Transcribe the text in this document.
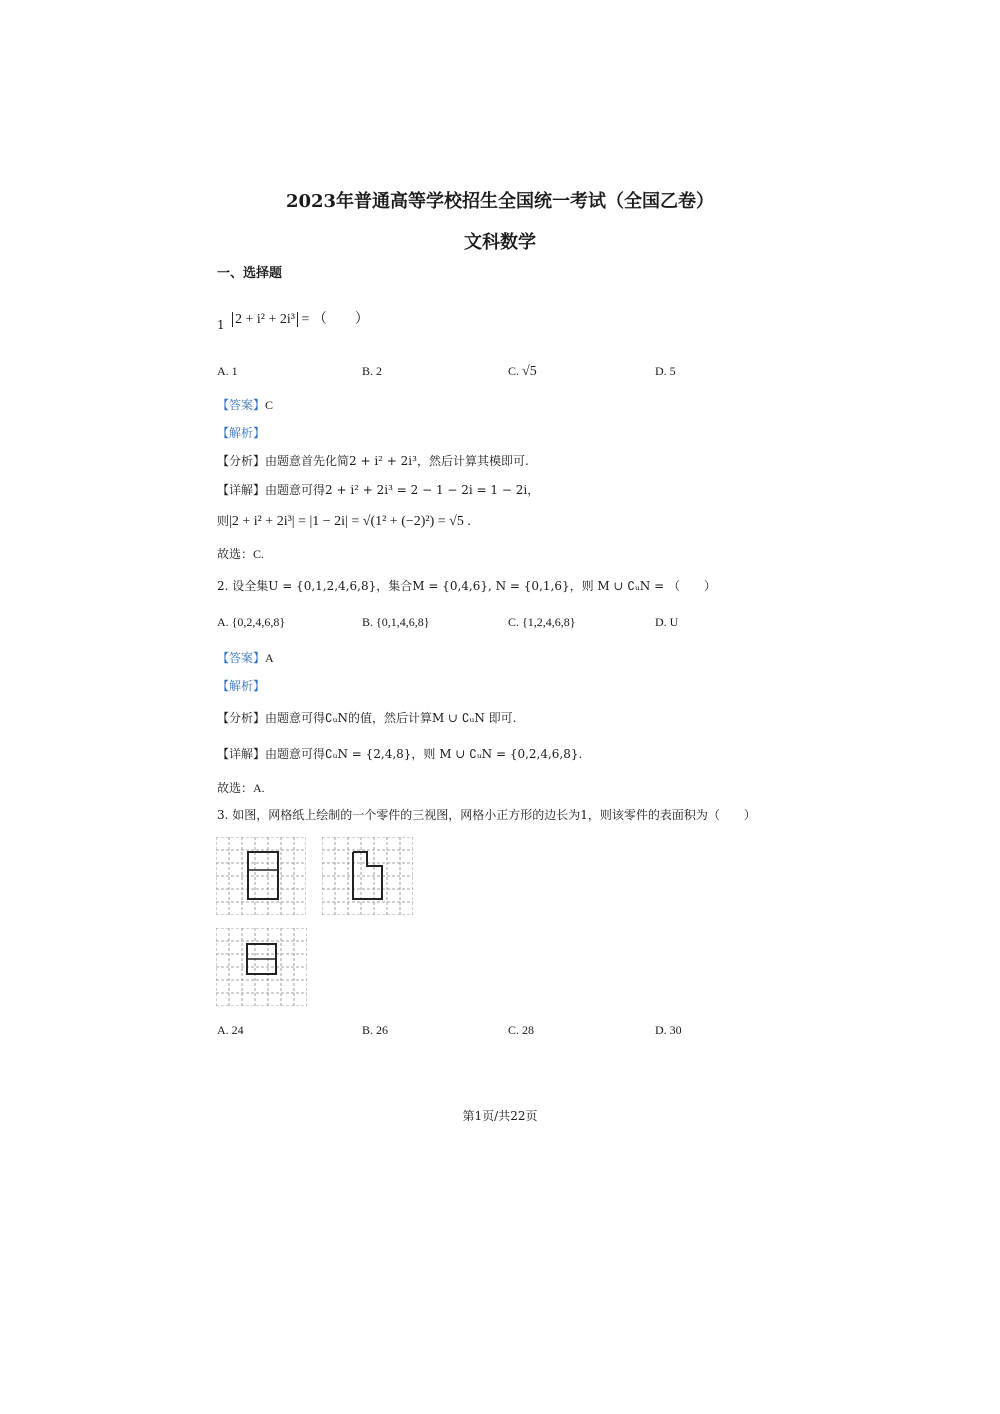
2023年普通高等学校招生全国统一考试（全国乙卷）
文科数学
一、选择题
1 2 + i² + 2i³ = （　　）
A. 1	B. 2	C. √5	D. 5
【答案】C
【解析】
【分析】由题意首先化简2 + i² + 2i³，然后计算其模即可.
【详解】由题意可得2 + i² + 2i³ = 2 − 1 − 2i = 1 − 2i，
则|2 + i² + 2i³| = |1 − 2i| = √(1² + (−2)²) = √5 .
故选：C.
2. 设全集U = {0,1,2,4,6,8}，集合M = {0,4,6}, N = {0,1,6}，则 M ∪ ∁ᵤN = （　　）
A. {0,2,4,6,8}	B. {0,1,4,6,8}	C. {1,2,4,6,8}	D. U
【答案】A
【解析】
【分析】由题意可得∁ᵤN的值，然后计算M ∪ ∁ᵤN 即可.
【详解】由题意可得∁ᵤN = {2,4,8}，则 M ∪ ∁ᵤN = {0,2,4,6,8}.
故选：A.
3. 如图，网格纸上绘制的一个零件的三视图，网格小正方形的边长为1，则该零件的表面积为（　　）
A. 24	B. 26	C. 28	D. 30
第1页/共22页
